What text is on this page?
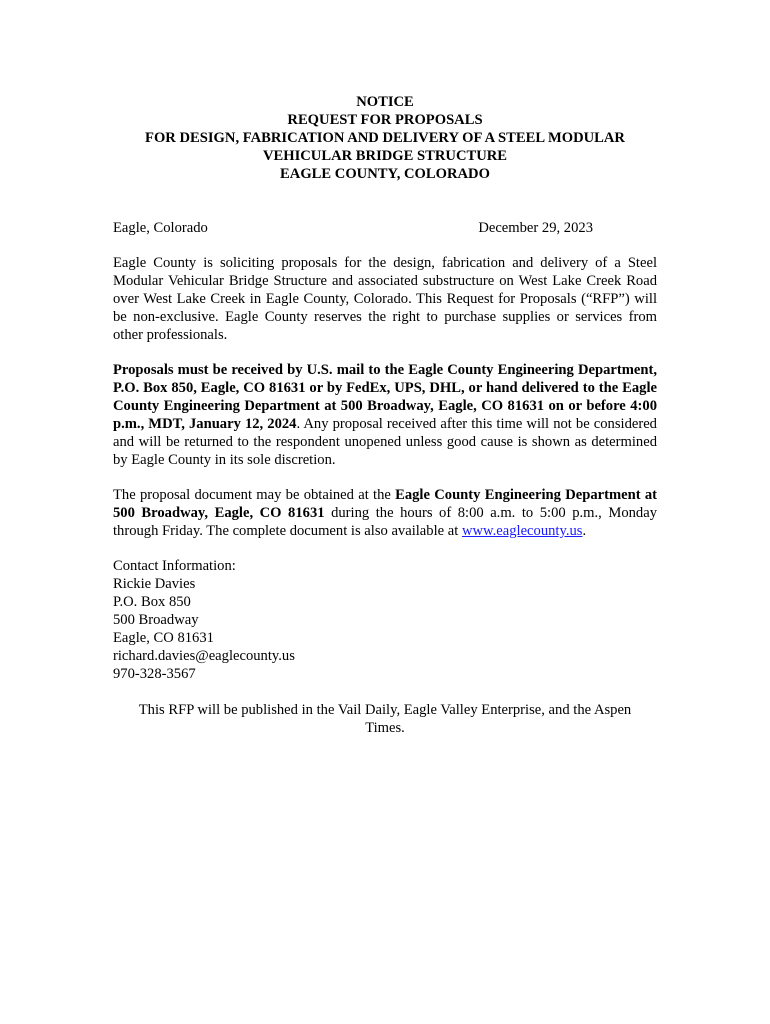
NOTICE
REQUEST FOR PROPOSALS
FOR DESIGN, FABRICATION AND DELIVERY OF A STEEL MODULAR
VEHICULAR BRIDGE STRUCTURE
EAGLE COUNTY, COLORADO
Eagle, Colorado	December 29, 2023

Eagle County is soliciting proposals for the design, fabrication and delivery of a Steel Modular Vehicular Bridge Structure and associated substructure on West Lake Creek Road over West Lake Creek in Eagle County, Colorado. This Request for Proposals (“RFP”) will be non-exclusive. Eagle County reserves the right to purchase supplies or services from other professionals.

Proposals must be received by U.S. mail to the Eagle County Engineering Department, P.O. Box 850, Eagle, CO 81631 or by FedEx, UPS, DHL, or hand delivered to the Eagle County Engineering Department at 500 Broadway, Eagle, CO 81631 on or before 4:00 p.m., MDT, January 12, 2024. Any proposal received after this time will not be considered and will be returned to the respondent unopened unless good cause is shown as determined by Eagle County in its sole discretion.

The proposal document may be obtained at the Eagle County Engineering Department at 500 Broadway, Eagle, CO 81631 during the hours of 8:00 a.m. to 5:00 p.m., Monday through Friday. The complete document is also available at www.eaglecounty.us.

Contact Information:
Rickie Davies
P.O. Box 850
500 Broadway
Eagle, CO 81631
richard.davies@eaglecounty.us
970-328-3567

This RFP will be published in the Vail Daily, Eagle Valley Enterprise, and the Aspen Times.
